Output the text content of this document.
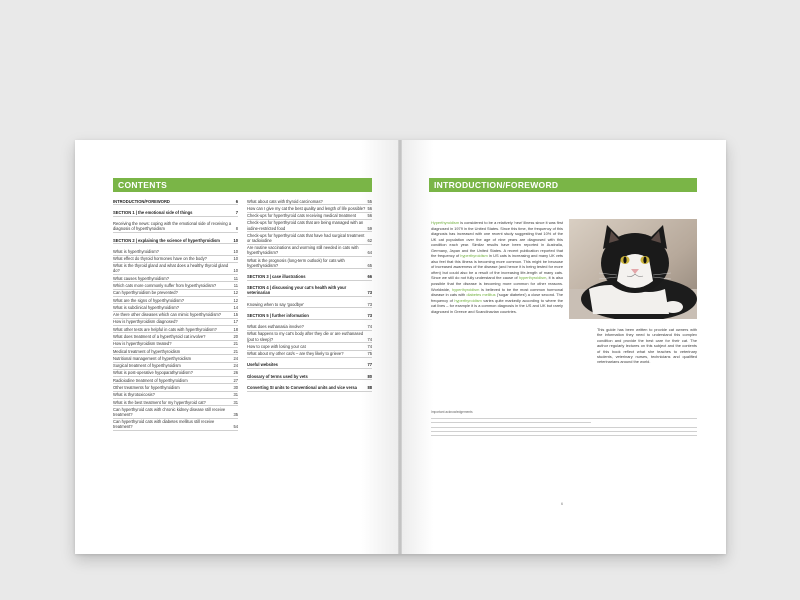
CONTENTS
INTRODUCTION/FOREWORD	6
SECTION 1 | the emotional side of things	7
Receiving the news: coping with the emotional side of receiving a diagnosis of hyperthyroidism	8
SECTION 2 | explaining the science of hyperthyroidism	10
What is hyperthyroidism?	10
What effect do thyroid hormones have on the body?	10
What is the thyroid gland and what does a healthy thyroid gland do?	10
What causes hyperthyroidism?	11
Which cats more commonly suffer from hyperthyroidism?	11
Can hyperthyroidism be prevented?	12
What are the signs of hyperthyroidism?	12
What is subclinical hyperthyroidism?	14
Are there other diseases which can mimic hyperthyroidism?	15
How is hyperthyroidism diagnosed?	17
What other tests are helpful in cats with hyperthyroidism?	18
What does treatment of a hyperthyroid cat involve?	20
How is hyperthyroidism treated?	21
Medical treatment of hyperthyroidism	21
Nutritional management of hyperthyroidism	24
Surgical treatment of hyperthyroidism	24
What is post-operative hypoparathyroidism?	26
Radioiodine treatment of hyperthyroidism	27
Other treatments for hyperthyroidism	30
What is thyrotoxicosis?	31
What is the best treatment for my hyperthyroid cat?	31
Can hyperthyroid cats with chronic kidney disease still receive treatment?	35
Can hyperthyroid cats with diabetes mellitus still receive treatment?	54
What about cats with thyroid carcinomas?	55
How can I give my cat the best quality and length of life possible? 56
Check-ups for hyperthyroid cats receiving medical treatment	56
Check-ups for hyperthyroid cats that are being managed with an iodine-restricted food	59
Check-ups for hyperthyroid cats that have had surgical treatment or radioiodine	62
Are routine vaccinations and worming still needed in cats with hyperthyroidism?	64
What is the prognosis (long-term outlook) for cats with hyperthyroidism?	65
SECTION 3 | case illustrations	66
SECTION 4 | discussing your cat's health with your veterinarian	73
Knowing when to say 'goodbye'	73
SECTION 5 | further information	73
What does euthanasia involve?	74
What happens to my cat's body after they die or are euthanased (put to sleep)?	74
How to cope with losing your cat	74
What about my other cat/s – are they likely to grieve?	75
Useful websites	77
Glossary of terms used by vets	80
Converting SI units to Conventional units and vice versa	88
INTRODUCTION/FOREWORD
Hyperthyroidism is considered to be a relatively 'new' illness since it was first diagnosed in 1979 in the United States. Since this time, the frequency of this diagnosis has increased with one recent study suggesting that 10% of the UK cat population over the age of nine years are diagnosed with this condition each year. Similar results have been reported in Australia, Germany, Japan and the United States. A recent publication reported that the frequency of hyperthyroidism in US cats is increasing and many UK vets also feel that this illness is becoming more common. This might be because of increased awareness of the disease (and hence it is being tested for more often) but could also be a result of the increasing life-length of many cats. Since we still do not fully understand the cause of hyperthyroidism, it is also possible that the disease is becoming more common for other reasons. Worldwide, hyperthyroidism is believed to be the most common hormonal disease in cats with diabetes mellitus ('sugar diabetes') a close second. The frequency of hyperthyroidism varies quite markedly according to where the cat lives – for example it is a common diagnosis in the US and UK but rarely diagnosed in Greece and Scandinavian countries.
This guide has been written to provide cat owners with the information they need to understand this complex condition and provide the best care for their cat. The author regularly lectures on this subject and the contents of this book reflect what she teaches to veterinary students, veterinary nurses, technicians and qualified veterinarians around the world.
Important acknowledgements
6
